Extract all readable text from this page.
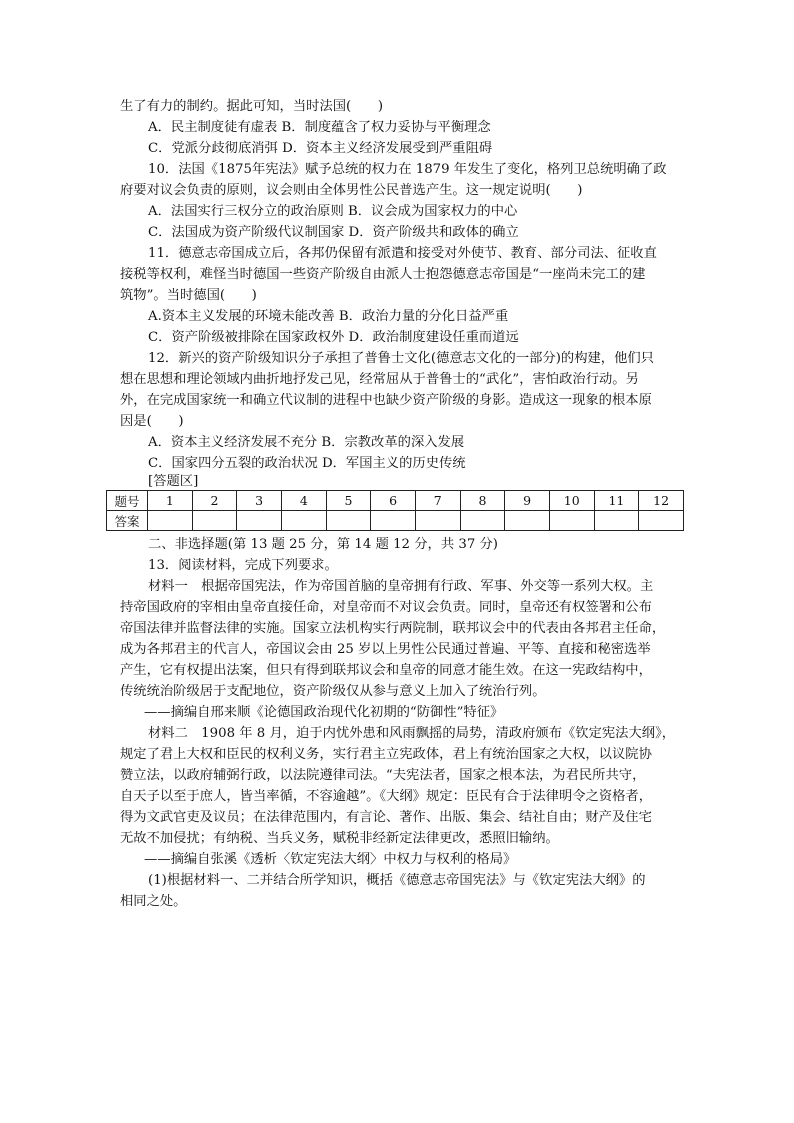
生了有力的制约。据此可知，当时法国(　　)
A．民主制度徒有虚表 B．制度蕴含了权力妥协与平衡理念
C．党派分歧彻底消弭 D．资本主义经济发展受到严重阻碍
10．法国《1875年宪法》赋予总统的权力在 1879 年发生了变化，格列卫总统明确了政
府要对议会负责的原则，议会则由全体男性公民普选产生。这一规定说明(　　)
A．法国实行三权分立的政治原则 B．议会成为国家权力的中心
C．法国成为资产阶级代议制国家 D．资产阶级共和政体的确立
11．德意志帝国成立后，各邦仍保留有派遣和接受对外使节、教育、部分司法、征收直
接税等权利，难怪当时德国一些资产阶级自由派人士抱怨德意志帝国是“一座尚未完工的建
筑物”。当时德国(　　)
A.资本主义发展的环境未能改善 B．政治力量的分化日益严重
C．资产阶级被排除在国家政权外 D．政治制度建设任重而道远
12．新兴的资产阶级知识分子承担了普鲁士文化(德意志文化的一部分)的构建，他们只
想在思想和理论领域内曲折地抒发己见，经常屈从于普鲁士的“武化”，害怕政治行动。另
外，在完成国家统一和确立代议制的进程中也缺少资产阶级的身影。造成这一现象的根本原
因是(　　)
A．资本主义经济发展不充分 B．宗教改革的深入发展
C．国家四分五裂的政治状况 D．军国主义的历史传统
[答题区]
题号	1	2	3	4	5	6	7	8	9	10	11	12
答案												
二、非选择题(第 13 题 25 分，第 14 题 12 分，共 37 分)
13．阅读材料，完成下列要求。
材料一　根据帝国宪法，作为帝国首脑的皇帝拥有行政、军事、外交等一系列大权。主
持帝国政府的宰相由皇帝直接任命，对皇帝而不对议会负责。同时，皇帝还有权签署和公布
帝国法律并监督法律的实施。国家立法机构实行两院制，联邦议会中的代表由各邦君主任命，
成为各邦君主的代言人，帝国议会由 25 岁以上男性公民通过普遍、平等、直接和秘密选举
产生，它有权提出法案，但只有得到联邦议会和皇帝的同意才能生效。在这一宪政结构中，
传统统治阶级居于支配地位，资产阶级仅从参与意义上加入了统治行列。
——摘编自邢来顺《论德国政治现代化初期的“防御性”特征》
材料二　1908 年 8 月，迫于内忧外患和风雨飘摇的局势，清政府颁布《钦定宪法大纲》，
规定了君上大权和臣民的权利义务，实行君主立宪政体，君上有统治国家之大权，以议院协
赞立法，以政府辅弼行政，以法院遵律司法。“夫宪法者，国家之根本法，为君民所共守，
自天子以至于庶人，皆当率循，不容逾越”。《大纲》规定：臣民有合于法律明令之资格者，
得为文武官吏及议员；在法律范围内，有言论、著作、出版、集会、结社自由；财产及住宅
无故不加侵扰；有纳税、当兵义务，赋税非经新定法律更改，悉照旧输纳。
——摘编自张溪《透析〈钦定宪法大纲〉中权力与权利的格局》
(1)根据材料一、二并结合所学知识，概括《德意志帝国宪法》与《钦定宪法大纲》的
相同之处。
